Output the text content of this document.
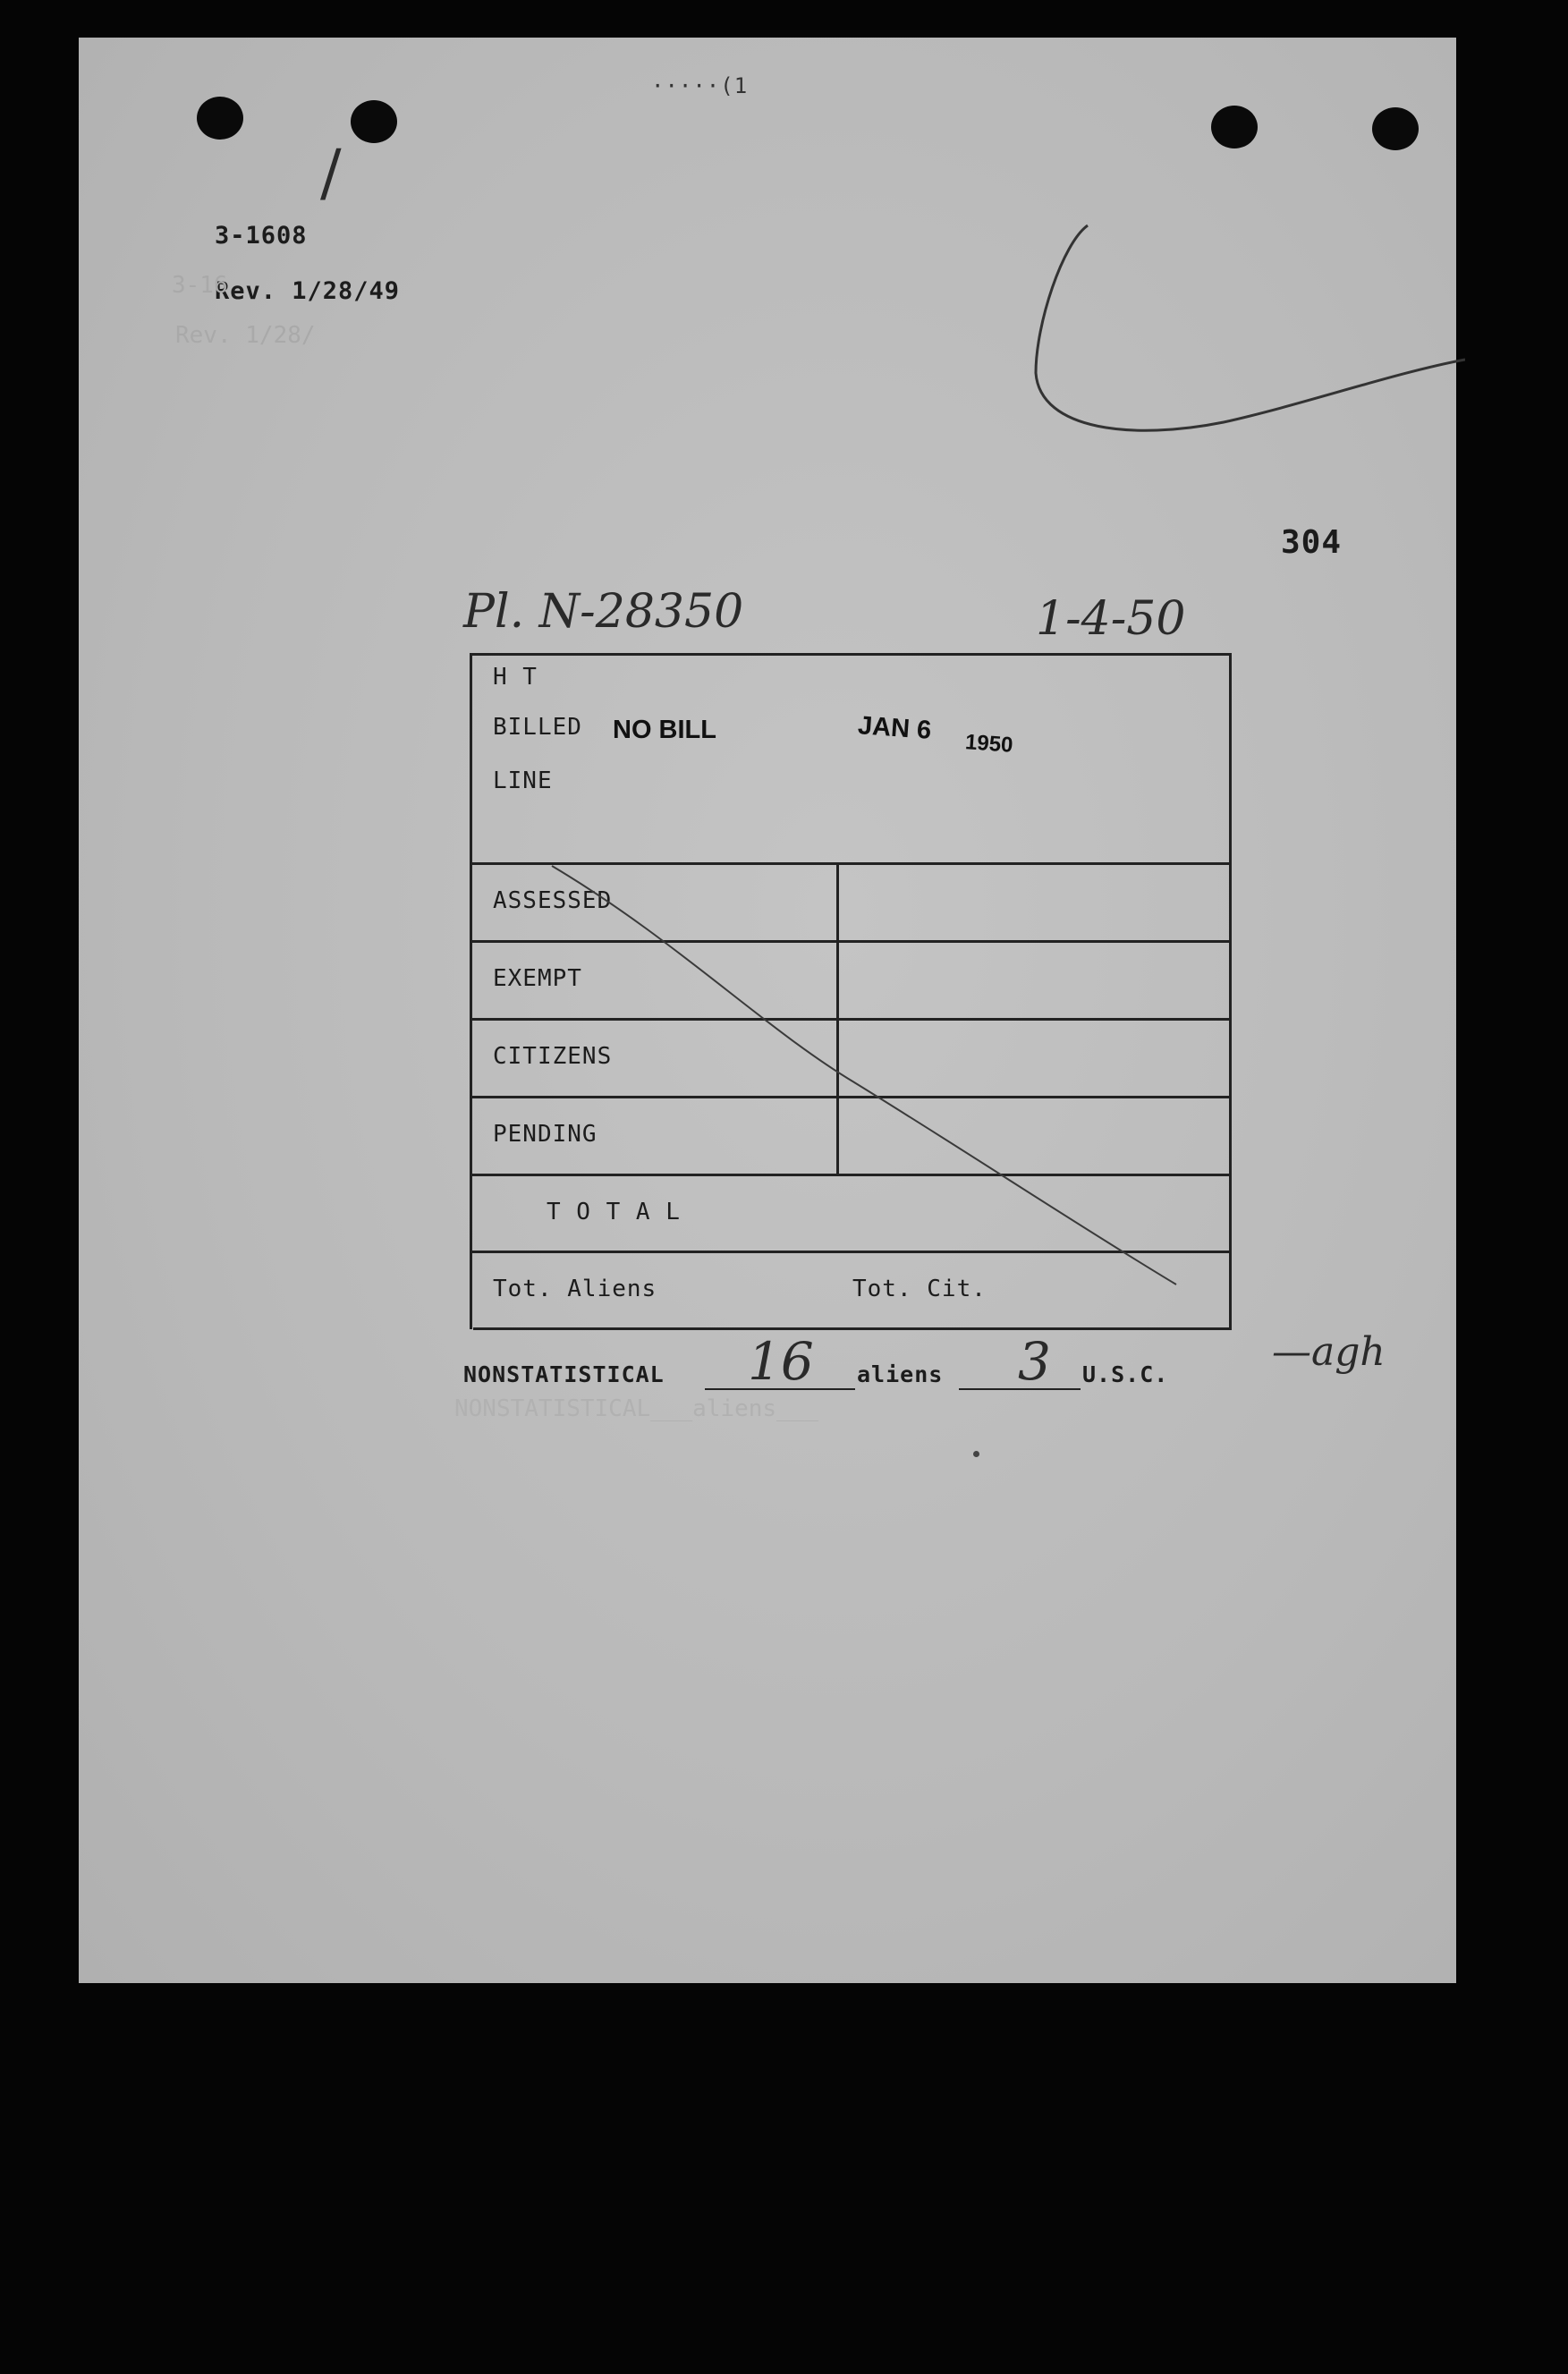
·····(1
/
3-1608
Rev. 1/28/49
3-16
Rev. 1/28/
304
Pl. N-28350	1-4-50
H T
BILLED NO BILL	JAN 6 1950
LINE
ASSESSED
EXEMPT
CITIZENS
PENDING
T O T A L
Tot. Aliens	Tot. Cit.
NONSTATISTICAL 16 aliens 3 U.S.C.	—agh
NONSTATISTICAL___aliens___
